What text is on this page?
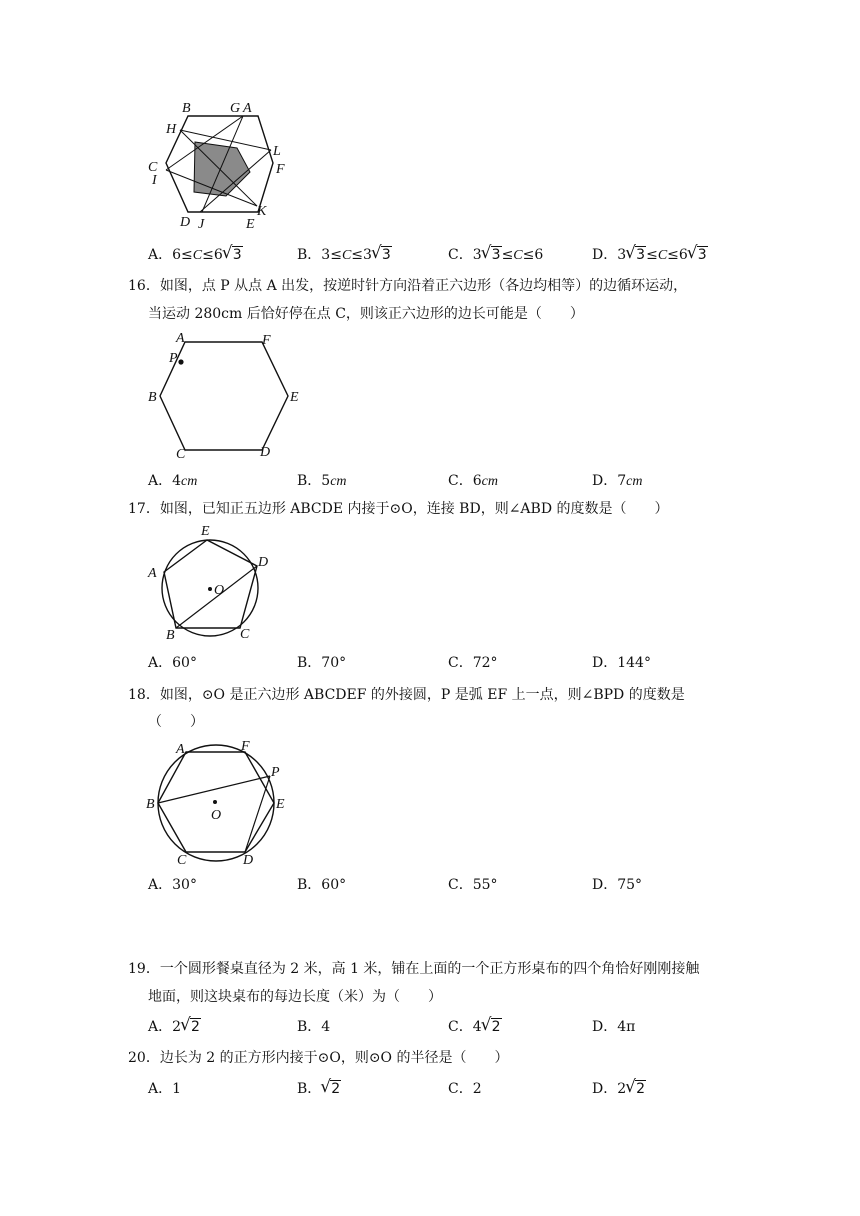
B	G A
H
L
C
I
F
D J	E
K
A．6≤C≤6 √ 3	B．3≤C≤3 √ 3	C．3 √ 3≤C≤6	D．3 √ 3≤C≤6 √ 3
16．如图，点 P 从点 A 出发，按逆时针方向沿着正六边形（各边均相等）的边循环运动，
当运动 280cm 后恰好停在点 C，则该正六边形的边长可能是（　　）
A
P
F
B	E
C	D
A．4cm	B．5cm	C．6cm	D．7cm
17．如图，已知正五边形 ABCDE 内接于⊙O，连接 BD，则∠ABD 的度数是（　　）
E
A
D
O
B	C
A．60°	B．70°	C．72°	D．144°
18．如图，⊙O 是正六边形 ABCDEF 的外接圆，P 是弧 EF 上一点，则∠BPD 的度数是
（　　）
A	F
P
B	E
O
C	D
A．30°	B．60°	C．55°	D．75°
19．一个圆形餐桌直径为 2 米，高 1 米，铺在上面的一个正方形桌布的四个角恰好刚刚接触
地面，则这块桌布的每边长度（米）为（　　）
A．2 √ 2	B．4	C．4 √ 2	D．4π
20．边长为 2 的正方形内接于⊙O，则⊙O 的半径是（　　）
A．1	B． √ 2	C．2	D．2 √ 2
